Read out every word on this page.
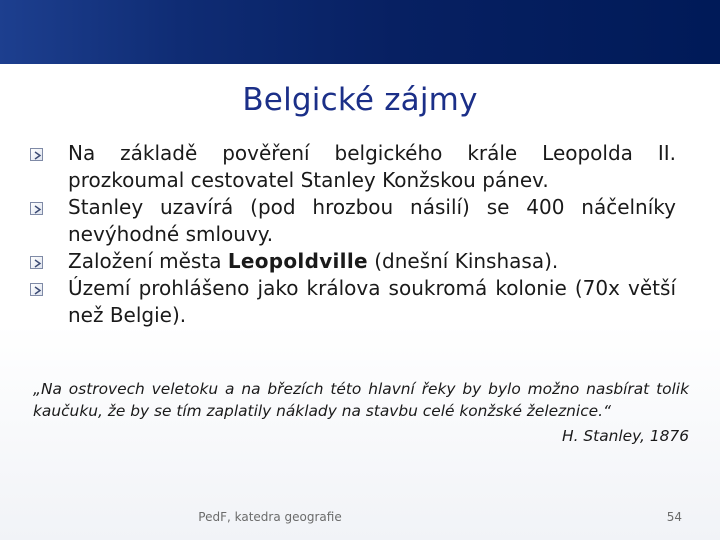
Belgické zájmy
Na základě pověření belgického krále Leopolda II. prozkoumal cestovatel Stanley Konžskou pánev.
Stanley uzavírá (pod hrozbou násilí) se 400 náčelníky nevýhodné smlouvy.
Založení města Leopoldville (dnešní Kinshasa).
Území prohlášeno jako králova soukromá kolonie (70x větší než Belgie).

„Na ostrovech veletoku a na březích této hlavní řeky by bylo možno nasbírat tolik kaučuku, že by se tím zaplatily náklady na stavbu celé konžské železnice.“

H. Stanley, 1876

PedF, katedra geografie	54
